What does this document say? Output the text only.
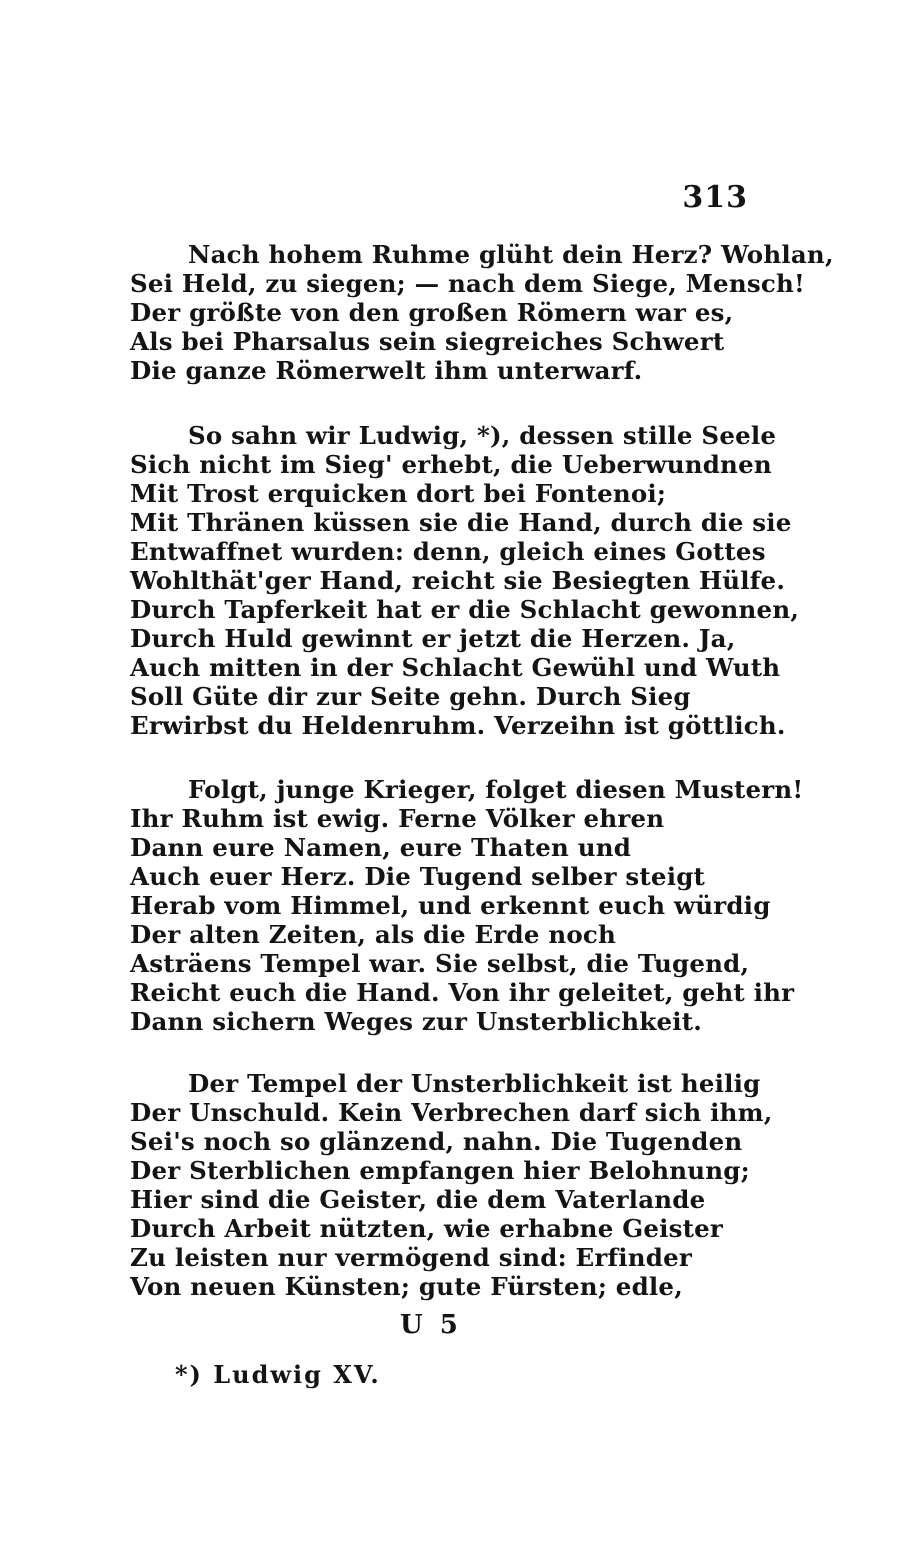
313
Nach hohem Ruhme glüht dein Herz? Wohlan,
Sei Held, zu siegen; — nach dem Siege, Mensch!
Der größte von den großen Römern war es,
Als bei Pharsalus sein siegreiches Schwert
Die ganze Römerwelt ihm unterwarf.
So sahn wir Ludwig, *), dessen stille Seele
Sich nicht im Sieg' erhebt, die Ueberwundnen
Mit Trost erquicken dort bei Fontenoi;
Mit Thränen küssen sie die Hand, durch die sie
Entwaffnet wurden: denn, gleich eines Gottes
Wohlthät'ger Hand, reicht sie Besiegten Hülfe.
Durch Tapferkeit hat er die Schlacht gewonnen,
Durch Huld gewinnt er jetzt die Herzen. Ja,
Auch mitten in der Schlacht Gewühl und Wuth
Soll Güte dir zur Seite gehn. Durch Sieg
Erwirbst du Heldenruhm. Verzeihn ist göttlich.
Folgt, junge Krieger, folget diesen Mustern!
Ihr Ruhm ist ewig. Ferne Völker ehren
Dann eure Namen, eure Thaten und
Auch euer Herz. Die Tugend selber steigt
Herab vom Himmel, und erkennt euch würdig
Der alten Zeiten, als die Erde noch
Asträens Tempel war. Sie selbst, die Tugend,
Reicht euch die Hand. Von ihr geleitet, geht ihr
Dann sichern Weges zur Unsterblichkeit.
Der Tempel der Unsterblichkeit ist heilig
Der Unschuld. Kein Verbrechen darf sich ihm,
Sei's noch so glänzend, nahn. Die Tugenden
Der Sterblichen empfangen hier Belohnung;
Hier sind die Geister, die dem Vaterlande
Durch Arbeit nützten, wie erhabne Geister
Zu leisten nur vermögend sind: Erfinder
Von neuen Künsten; gute Fürsten; edle,
U 5
*) Ludwig XV.
